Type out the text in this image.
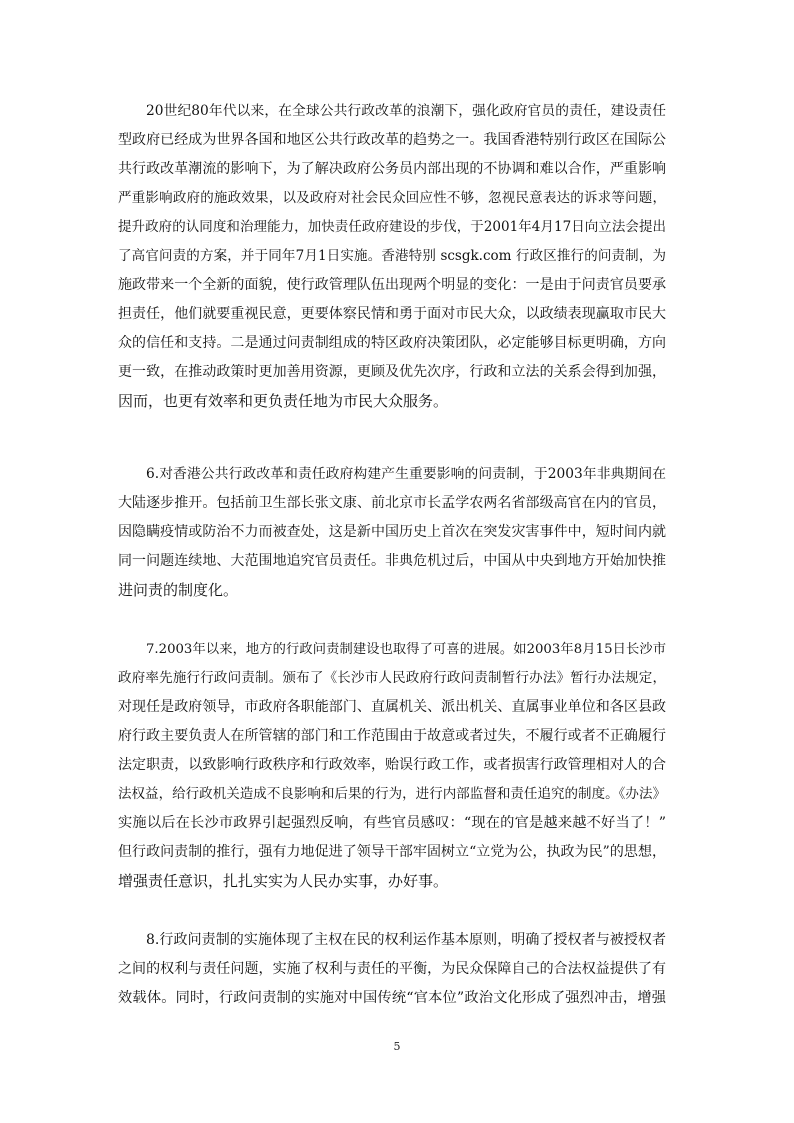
20世纪80年代以来，在全球公共行政改革的浪潮下，强化政府官员的责任，建设责任
型政府已经成为世界各国和地区公共行政改革的趋势之一。我国香港特别行政区在国际公
共行政改革潮流的影响下，为了解决政府公务员内部出现的不协调和难以合作，严重影响
严重影响政府的施政效果，以及政府对社会民众回应性不够，忽视民意表达的诉求等问题，
提升政府的认同度和治理能力，加快责任政府建设的步伐，于2001年4月17日向立法会提出
了高官问责的方案，并于同年7月1日实施。香港特别 scsgk.com 行政区推行的问责制，为
施政带来一个全新的面貌，使行政管理队伍出现两个明显的变化：一是由于问责官员要承
担责任，他们就要重视民意，更要体察民情和勇于面对市民大众，以政绩表现赢取市民大
众的信任和支持。二是通过问责制组成的特区政府决策团队，必定能够目标更明确，方向
更一致，在推动政策时更加善用资源，更顾及优先次序，行政和立法的关系会得到加强，
因而，也更有效率和更负责任地为市民大众服务。
6.对香港公共行政改革和责任政府构建产生重要影响的问责制，于2003年非典期间在
大陆逐步推开。包括前卫生部长张文康、前北京市长孟学农两名省部级高官在内的官员，
因隐瞒疫情或防治不力而被查处，这是新中国历史上首次在突发灾害事件中，短时间内就
同一问题连续地、大范围地追究官员责任。非典危机过后，中国从中央到地方开始加快推
进问责的制度化。
7.2003年以来，地方的行政问责制建设也取得了可喜的进展。如2003年8月15日长沙市
政府率先施行行政问责制。颁布了《长沙市人民政府行政问责制暂行办法》暂行办法规定，
对现任是政府领导，市政府各职能部门、直属机关、派出机关、直属事业单位和各区县政
府行政主要负责人在所管辖的部门和工作范围由于故意或者过失，不履行或者不正确履行
法定职责，以致影响行政秩序和行政效率，贻误行政工作，或者损害行政管理相对人的合
法权益，给行政机关造成不良影响和后果的行为，进行内部监督和责任追究的制度。《办法》
实施以后在长沙市政界引起强烈反响，有些官员感叹：“现在的官是越来越不好当了！”
但行政问责制的推行，强有力地促进了领导干部牢固树立“立党为公，执政为民”的思想，
增强责任意识，扎扎实实为人民办实事，办好事。
8.行政问责制的实施体现了主权在民的权利运作基本原则，明确了授权者与被授权者
之间的权利与责任问题，实施了权利与责任的平衡，为民众保障自己的合法权益提供了有
效载体。同时，行政问责制的实施对中国传统“官本位”政治文化形成了强烈冲击，增强
5
